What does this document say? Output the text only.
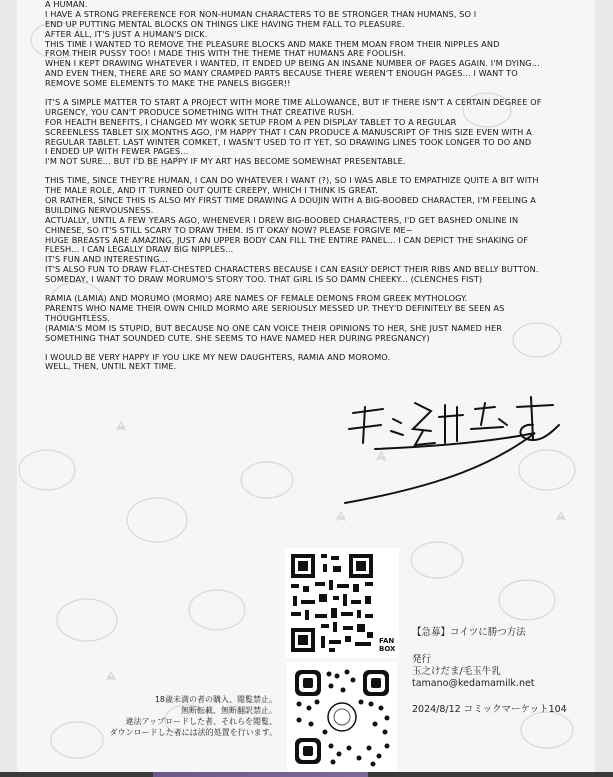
A HUMAN.
I HAVE A STRONG PREFERENCE FOR NON-HUMAN CHARACTERS TO BE STRONGER THAN HUMANS, SO I
END UP PUTTING MENTAL BLOCKS ON THINGS LIKE HAVING THEM FALL TO PLEASURE.
AFTER ALL, IT'S JUST A HUMAN'S DICK.
THIS TIME I WANTED TO REMOVE THE PLEASURE BLOCKS AND MAKE THEM MOAN FROM THEIR NIPPLES AND
FROM THEIR PUSSY TOO! I MADE THIS WITH THE THEME THAT HUMANS ARE FOOLISH.
WHEN I KEPT DRAWING WHATEVER I WANTED, IT ENDED UP BEING AN INSANE NUMBER OF PAGES AGAIN. I'M DYING...
AND EVEN THEN, THERE ARE SO MANY CRAMPED PARTS BECAUSE THERE WEREN'T ENOUGH PAGES... I WANT TO
REMOVE SOME ELEMENTS TO MAKE THE PANELS BIGGER!!
IT'S A SIMPLE MATTER TO START A PROJECT WITH MORE TIME ALLOWANCE, BUT IF THERE ISN'T A CERTAIN DEGREE OF
URGENCY, YOU CAN'T PRODUCE SOMETHING WITH THAT CREATIVE RUSH.
FOR HEALTH BENEFITS, I CHANGED MY WORK SETUP FROM A PEN DISPLAY TABLET TO A REGULAR
SCREENLESS TABLET SIX MONTHS AGO, I'M HAPPY THAT I CAN PRODUCE A MANUSCRIPT OF THIS SIZE EVEN WITH A
REGULAR TABLET. LAST WINTER COMKET, I WASN'T USED TO IT YET, SO DRAWING LINES TOOK LONGER TO DO AND
I ENDED UP WITH FEWER PAGES...
I'M NOT SURE... BUT I'D BE HAPPY IF MY ART HAS BECOME SOMEWHAT PRESENTABLE.
THIS TIME, SINCE THEY'RE HUMAN, I CAN DO WHATEVER I WANT (?), SO I WAS ABLE TO EMPATHIZE QUITE A BIT WITH
THE MALE ROLE, AND IT TURNED OUT QUITE CREEPY, WHICH I THINK IS GREAT.
OR RATHER, SINCE THIS IS ALSO MY FIRST TIME DRAWING A DOUJIN WITH A BIG-BOOBED CHARACTER, I'M FEELING A
BUILDING NERVOUSNESS.
ACTUALLY, UNTIL A FEW YEARS AGO, WHENEVER I DREW BIG-BOOBED CHARACTERS, I'D GET BASHED ONLINE IN
CHINESE, SO IT'S STILL SCARY TO DRAW THEM. IS IT OKAY NOW? PLEASE FORGIVE ME~
HUGE BREASTS ARE AMAZING, JUST AN UPPER BODY CAN FILL THE ENTIRE PANEL... I CAN DEPICT THE SHAKING OF
FLESH... I CAN LEGALLY DRAW BIG NIPPLES...
IT'S FUN AND INTERESTING...
IT'S ALSO FUN TO DRAW FLAT-CHESTED CHARACTERS BECAUSE I CAN EASILY DEPICT THEIR RIBS AND BELLY BUTTON.
SOMEDAY, I WANT TO DRAW MORUMO'S STORY TOO. THAT GIRL IS SO DAMN CHEEKY... (CLENCHES FIST)
RAMIA (LAMIA) AND MORUMO (MORMO) ARE NAMES OF FEMALE DEMONS FROM GREEK MYTHOLOGY.
PARENTS WHO NAME THEIR OWN CHILD MORMO ARE SERIOUSLY MESSED UP. THEY'D DEFINITELY BE SEEN AS
THOUGHTLESS.
(RAMIA'S MOM IS STUPID, BUT BECAUSE NO ONE CAN VOICE THEIR OPINIONS TO HER, SHE JUST NAMED HER
SOMETHING THAT SOUNDED CUTE. SHE SEEMS TO HAVE NAMED HER DURING PREGNANCY)
I WOULD BE VERY HAPPY IF YOU LIKE MY NEW DAUGHTERS, RAMIA AND MOROMO.
WELL, THEN, UNTIL NEXT TIME.
FAN
BOX
【急募】コイツに勝つ方法
発行
玉之けだま/毛玉牛乳
tamano@kedamamilk.net
2024/8/12 コミックマーケット104
18歳未満の者の購入、閲覧禁止。
無断転載、無断翻訳禁止。
違法アップロードした者、それらを閲覧、
ダウンロードした者には法的処置を行います。
